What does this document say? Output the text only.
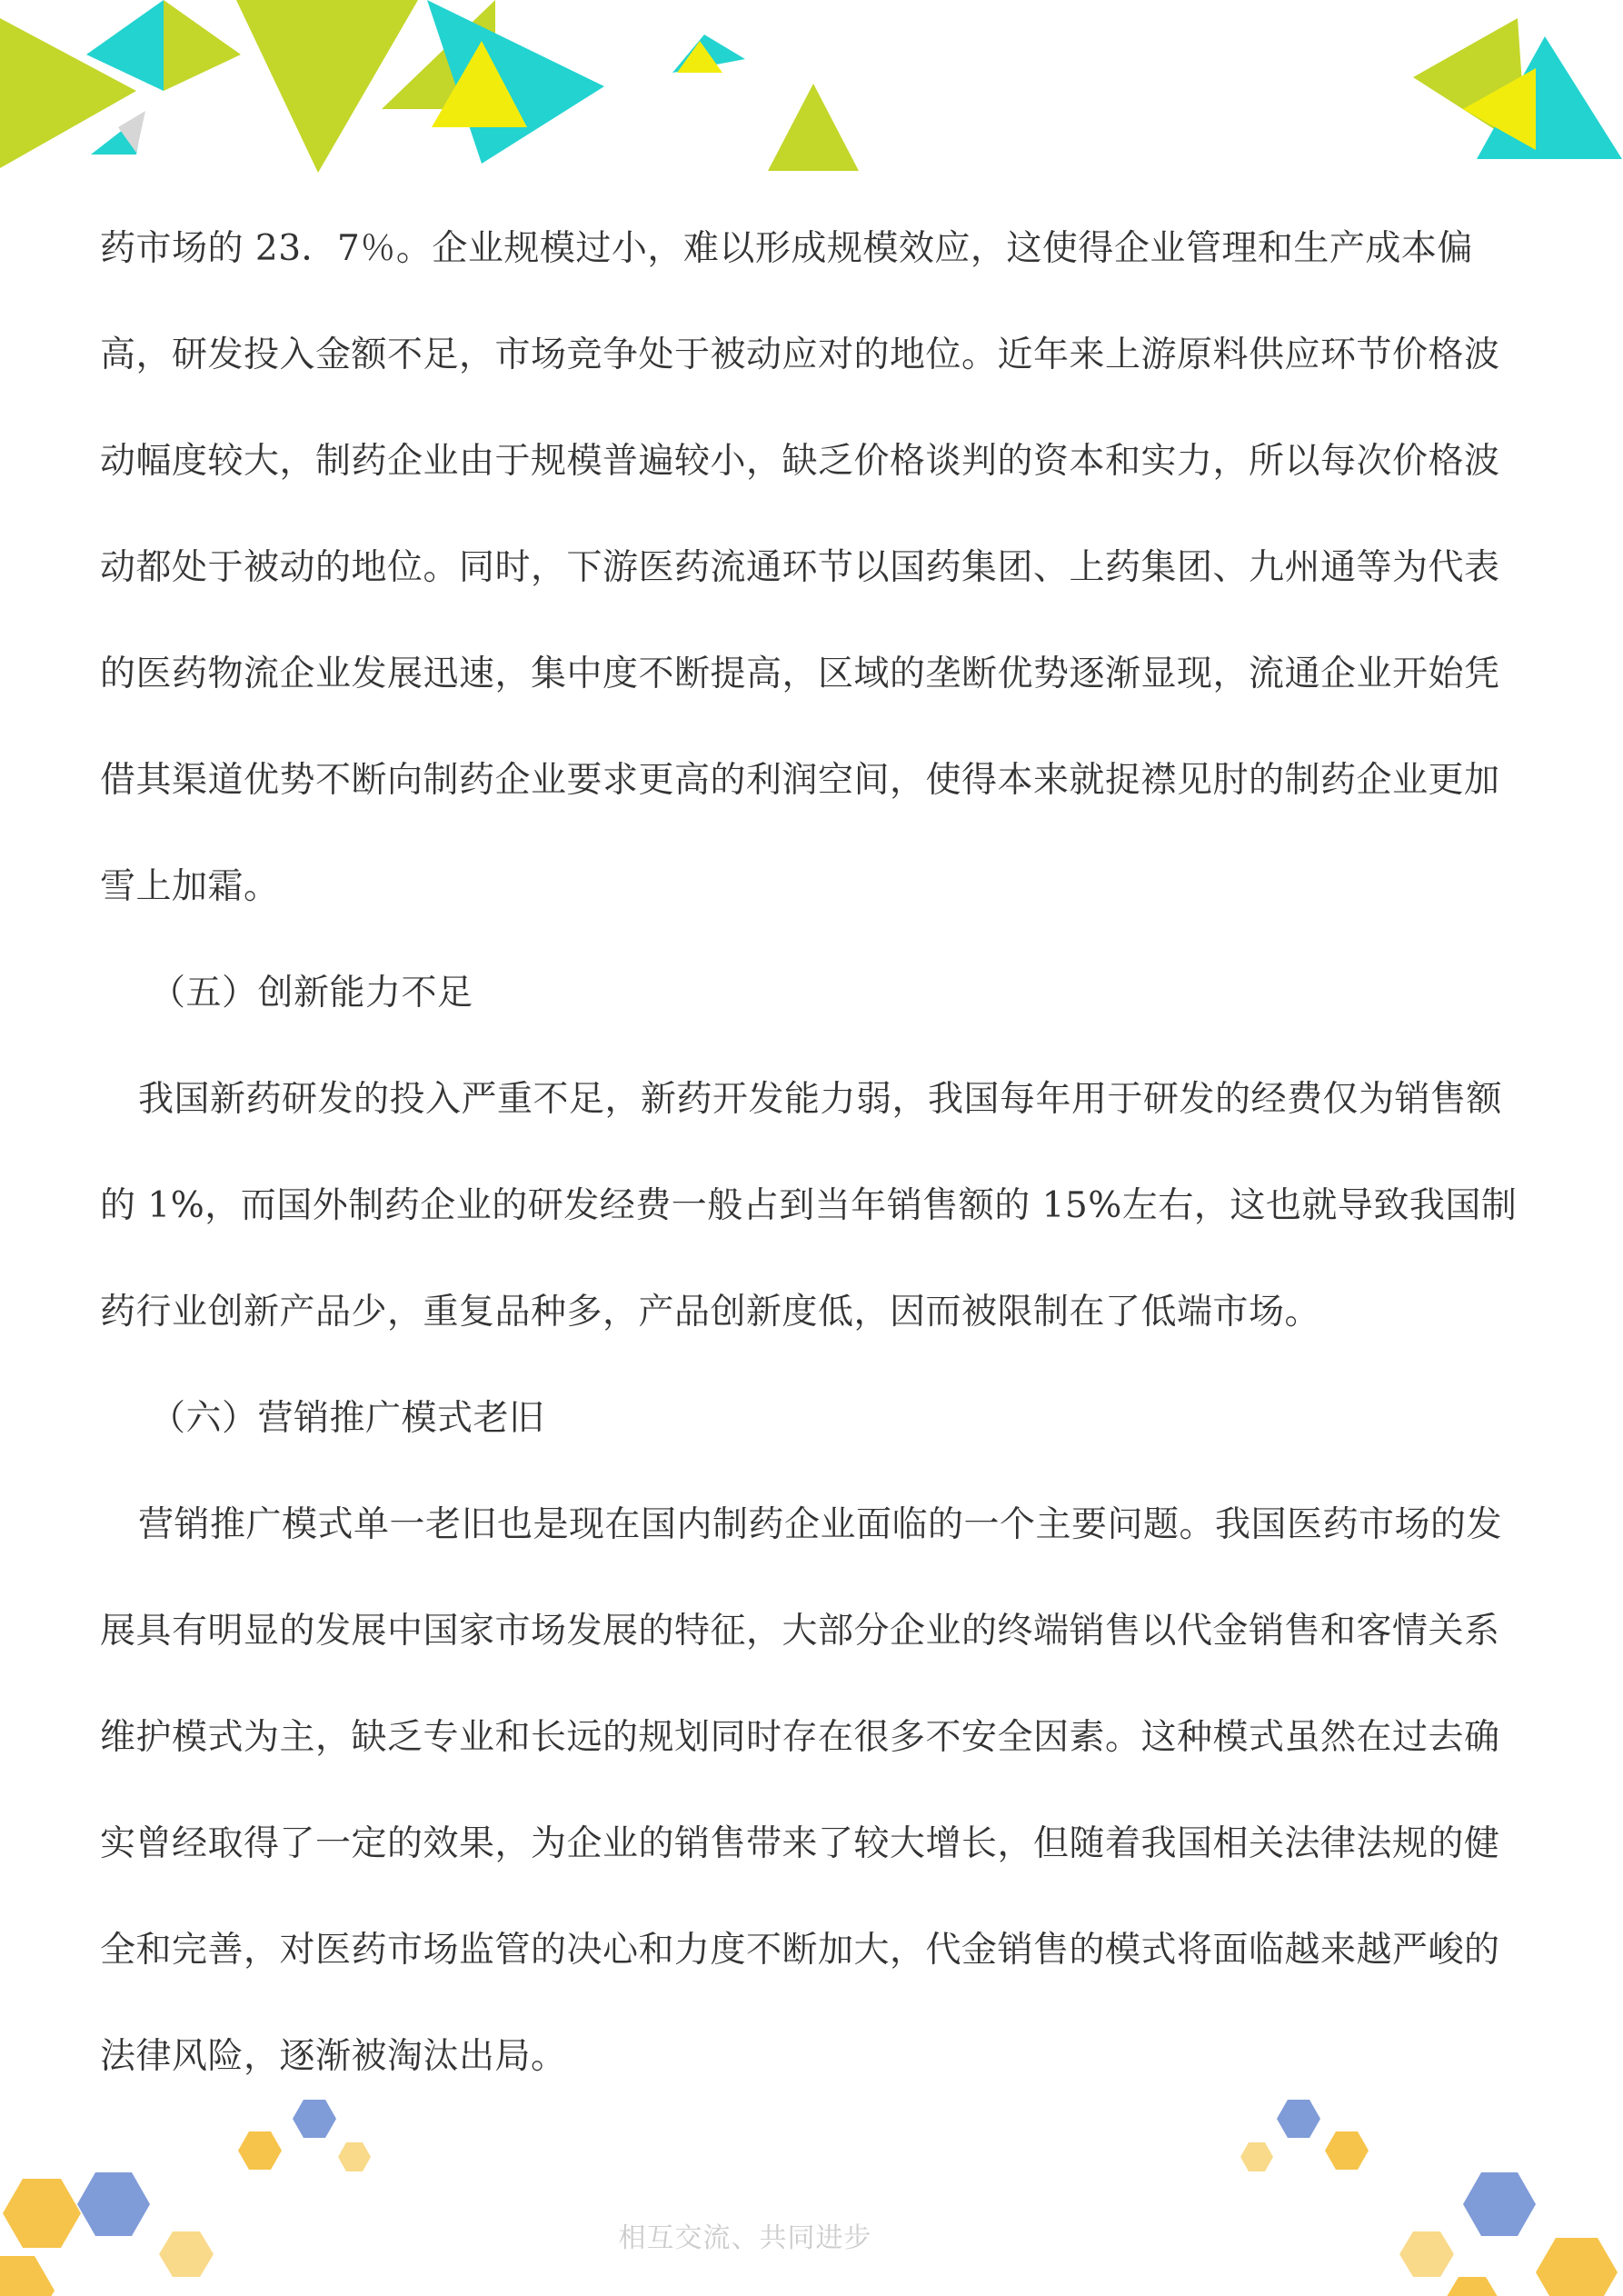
药市场的 23．7％。企业规模过小，难以形成规模效应，这使得企业管理和生产成本偏高，研发投入金额不足，市场竞争处于被动应对的地位。近年来上游原料供应环节价格波动幅度较大，制药企业由于规模普遍较小，缺乏价格谈判的资本和实力，所以每次价格波动都处于被动的地位。同时，下游医药流通环节以国药集团、上药集团、九州通等为代表的医药物流企业发展迅速，集中度不断提高，区域的垄断优势逐渐显现，流通企业开始凭借其渠道优势不断向制药企业要求更高的利润空间，使得本来就捉襟见肘的制药企业更加雪上加霜。

（五）创新能力不足

我国新药研发的投入严重不足，新药开发能力弱，我国每年用于研发的经费仅为销售额的 1%，而国外制药企业的研发经费一般占到当年销售额的 15%左右，这也就导致我国制药行业创新产品少，重复品种多，产品创新度低，因而被限制在了低端市场。

（六）营销推广模式老旧

营销推广模式单一老旧也是现在国内制药企业面临的一个主要问题。我国医药市场的发展具有明显的发展中国家市场发展的特征，大部分企业的终端销售以代金销售和客情关系维护模式为主，缺乏专业和长远的规划同时存在很多不安全因素。这种模式虽然在过去确实曾经取得了一定的效果，为企业的销售带来了较大增长，但随着我国相关法律法规的健全和完善，对医药市场监管的决心和力度不断加大，代金销售的模式将面临越来越严峻的法律风险，逐渐被淘汰出局。

相互交流、共同进步
